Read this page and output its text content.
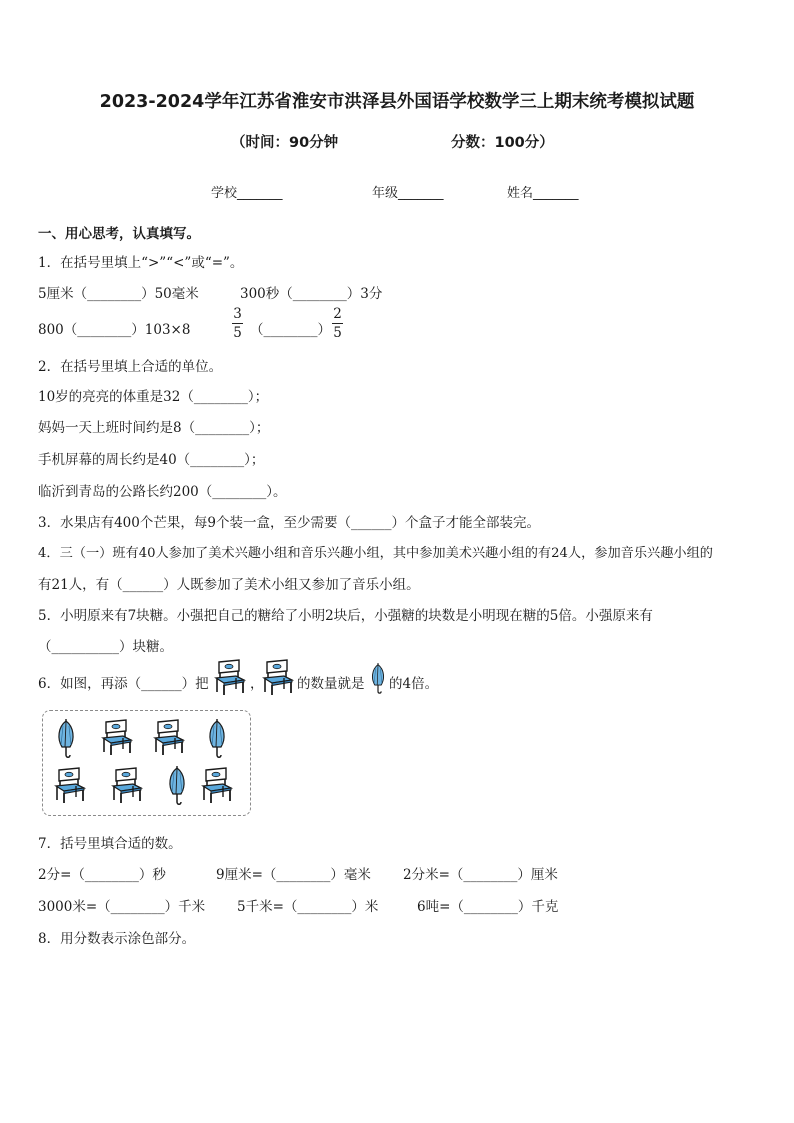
2023-2024学年江苏省淮安市洪泽县外国语学校数学三上期末统考模拟试题
（时间：90分钟	分数：100分）
学校_______	年级_______	姓名_______
一、用心思考，认真填写。
1．在括号里填上“>”“<”或“=”。
5厘米（________）50毫米	300秒（________）3分
800（________）103×8
3
5 （________）
2
5
2．在括号里填上合适的单位。
10岁的亮亮的体重是32（________）；
妈妈一天上班时间约是8（________）；
手机屏幕的周长约是40（________）；
临沂到青岛的公路长约200（________）。
3．水果店有400个芒果，每9个装一盒，至少需要（______）个盒子才能全部装完。
4．三（一）班有40人参加了美术兴趣小组和音乐兴趣小组，其中参加美术兴趣小组的有24人，参加音乐兴趣小组的
有21人，有（______）人既参加了美术小组又参加了音乐小组。
5．小明原来有7块糖。小强把自己的糖给了小明2块后，小强糖的块数是小明现在糖的5倍。小强原来有
（__________）块糖。
6．如图，再添（______）把	， 的数量就是 的4倍。
7．括号里填合适的数。
2分=（________）秒	9厘米=（________）毫米 2分米=（________）厘米
3000米=（________）千米 5千米=（________）米	6吨=（________）千克
8．用分数表示涂色部分。
